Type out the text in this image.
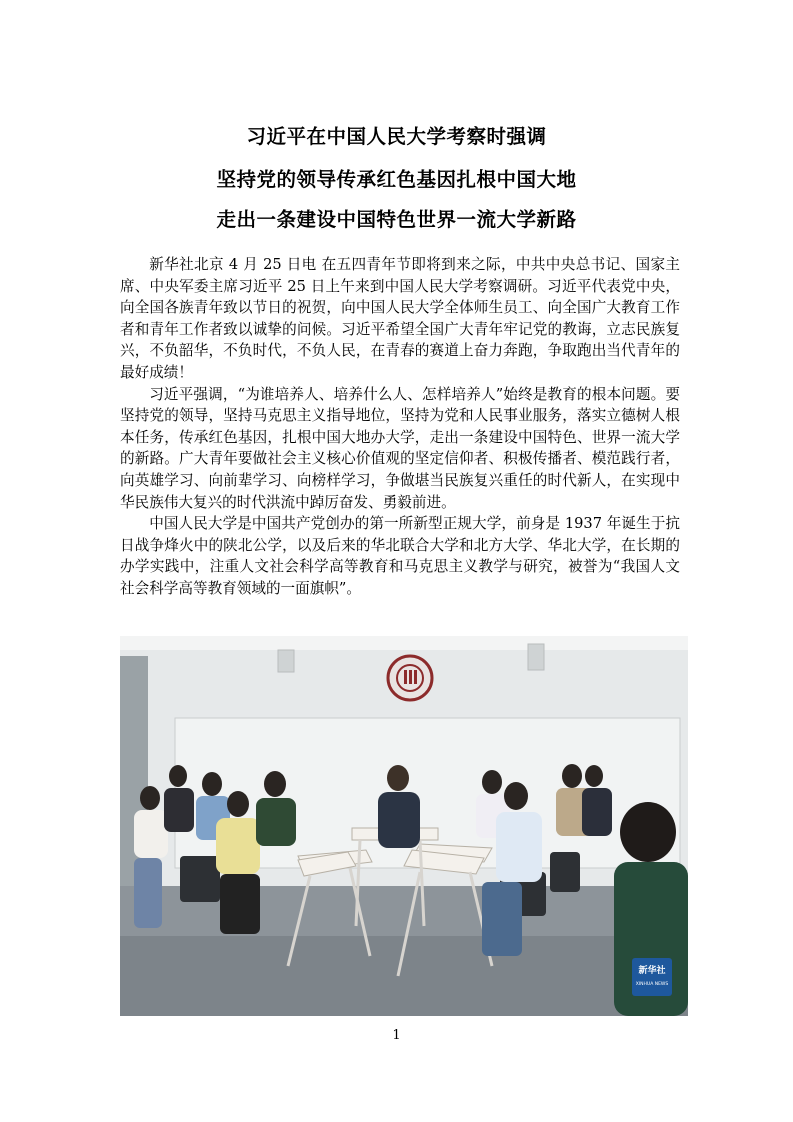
习近平在中国人民大学考察时强调
坚持党的领导传承红色基因扎根中国大地
走出一条建设中国特色世界一流大学新路

新华社北京 4 月 25 日电 在五四青年节即将到来之际，中共中央总书记、国家主席、中央军委主席习近平 25 日上午来到中国人民大学考察调研。习近平代表党中央，向全国各族青年致以节日的祝贺，向中国人民大学全体师生员工、向全国广大教育工作者和青年工作者致以诚挚的问候。习近平希望全国广大青年牢记党的教诲，立志民族复兴，不负韶华，不负时代，不负人民，在青春的赛道上奋力奔跑，争取跑出当代青年的最好成绩！

习近平强调，“为谁培养人、培养什么人、怎样培养人”始终是教育的根本问题。要坚持党的领导，坚持马克思主义指导地位，坚持为党和人民事业服务，落实立德树人根本任务，传承红色基因，扎根中国大地办大学，走出一条建设中国特色、世界一流大学的新路。广大青年要做社会主义核心价值观的坚定信仰者、积极传播者、模范践行者，向英雄学习、向前辈学习、向榜样学习，争做堪当民族复兴重任的时代新人，在实现中华民族伟大复兴的时代洪流中踔厉奋发、勇毅前进。

中国人民大学是中国共产党创办的第一所新型正规大学，前身是 1937 年诞生于抗日战争烽火中的陕北公学，以及后来的华北联合大学和北方大学、华北大学，在长期的办学实践中，注重人文社会科学高等教育和马克思主义教学与研究，被誉为“我国人文社会科学高等教育领域的一面旗帜”。

新华社
XINHUA NEWS
1
